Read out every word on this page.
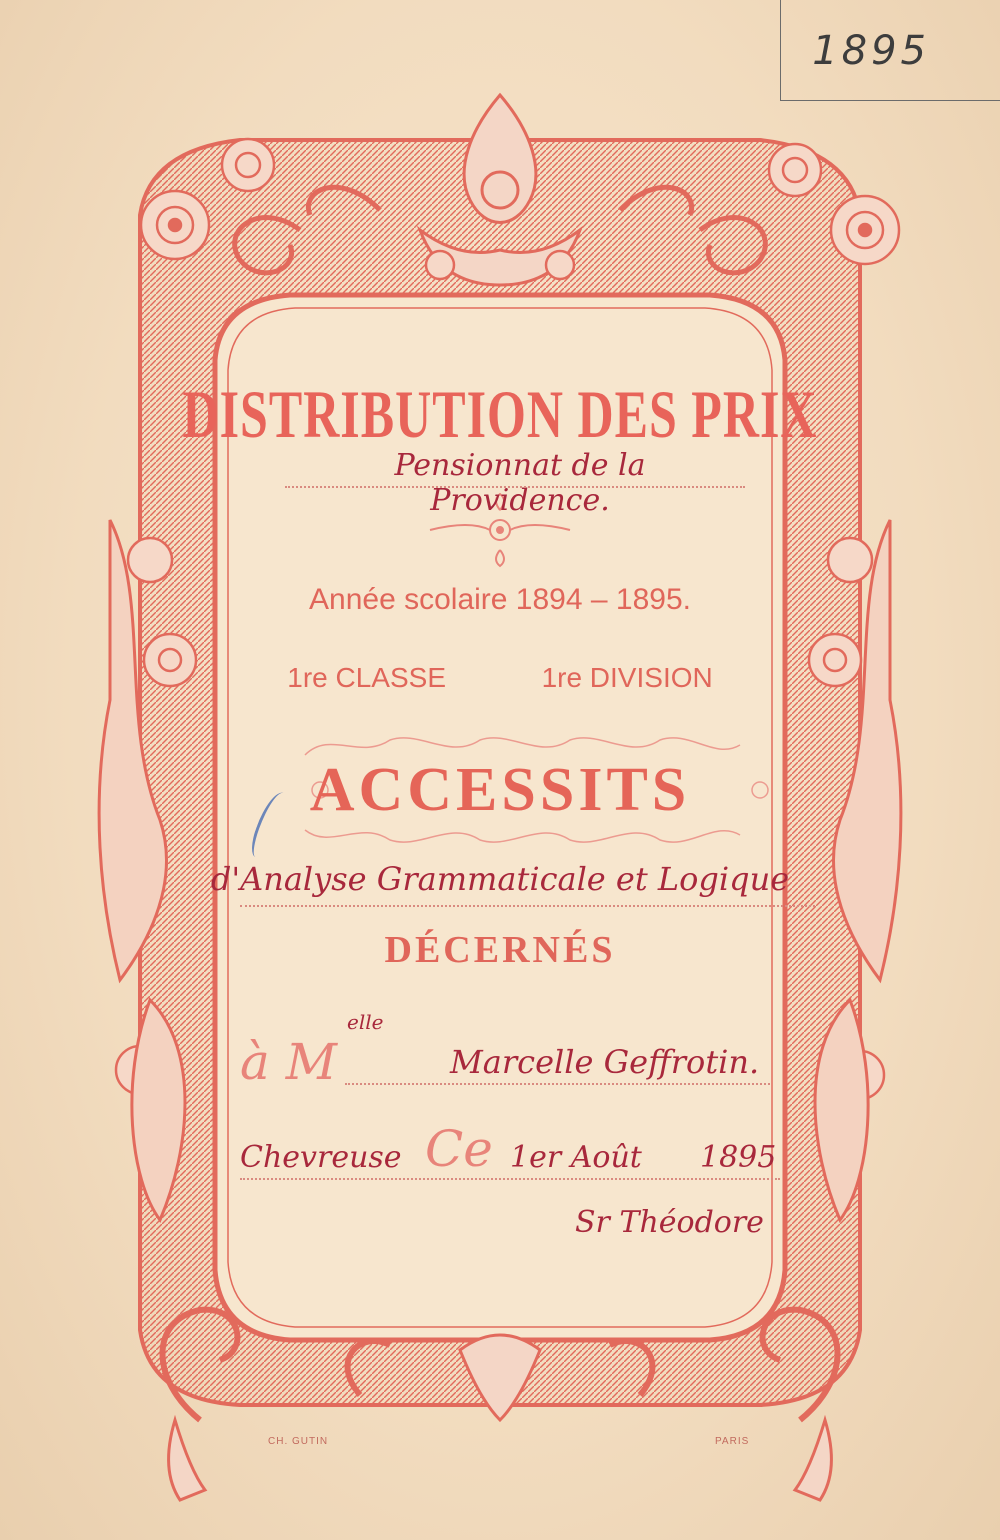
1895
DISTRIBUTION DES PRIX
Pensionnat de la Providence.
Année scolaire 1894 – 1895.
1re CLASSE	1re DIVISION
ACCESSITS
d'Analyse Grammaticale et Logique
DÉCERNÉS
à M
elle
Marcelle Geffrotin.
Chevreuse Ce 1er Août 1895
Sr Théodore
CH. GUTIN	PARIS
